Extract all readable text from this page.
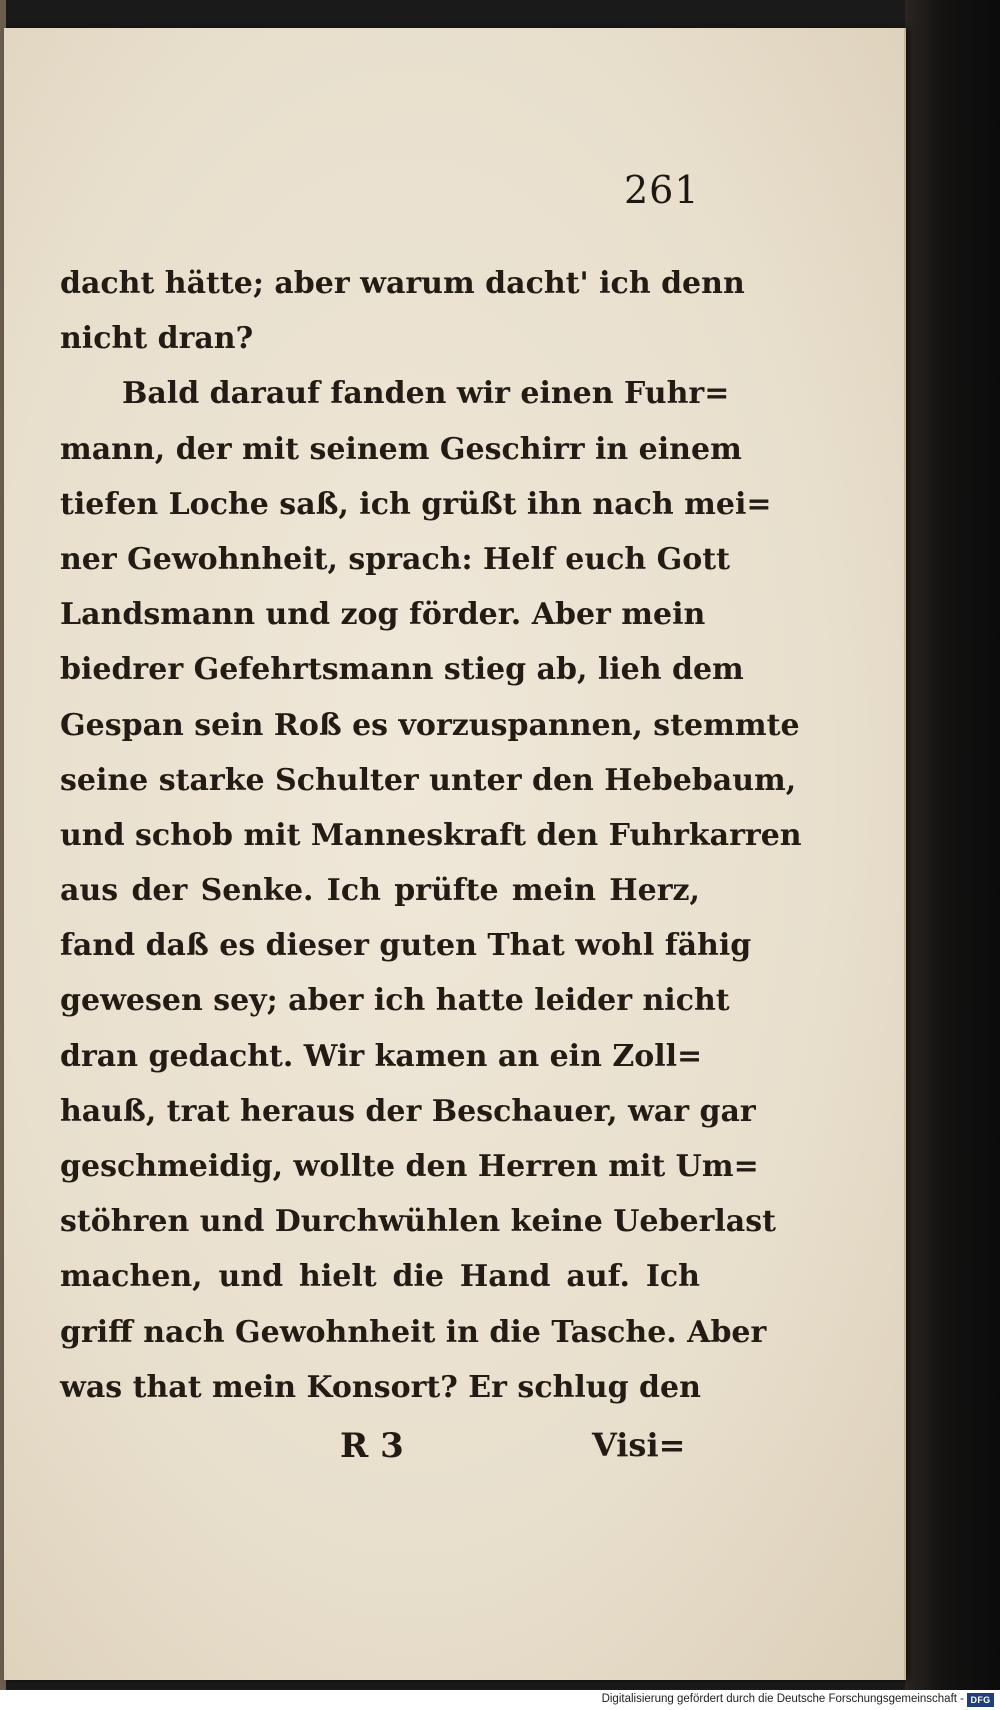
261
dacht hätte; aber warum dacht' ich denn
nicht dran?
Bald darauf fanden wir einen Fuhr=
mann, der mit seinem Geschirr in einem
tiefen Loche saß, ich grüßt ihn nach mei=
ner Gewohnheit, sprach: Helf euch Gott
Landsmann und zog förder. Aber mein
biedrer Gefehrtsmann stieg ab, lieh dem
Gespan sein Roß es vorzuspannen, stemmte
seine starke Schulter unter den Hebebaum,
und schob mit Manneskraft den Fuhrkarren
aus der Senke. Ich prüfte mein Herz,
fand daß es dieser guten That wohl fähig
gewesen sey; aber ich hatte leider nicht
dran gedacht. Wir kamen an ein Zoll=
hauß, trat heraus der Beschauer, war gar
geschmeidig, wollte den Herren mit Um=
stöhren und Durchwühlen keine Ueberlast
machen, und hielt die Hand auf. Ich
griff nach Gewohnheit in die Tasche. Aber
was that mein Konsort? Er schlug den
R 3	Visi=
Digitalisierung gefördert durch die Deutsche Forschungsgemeinschaft - DFG
